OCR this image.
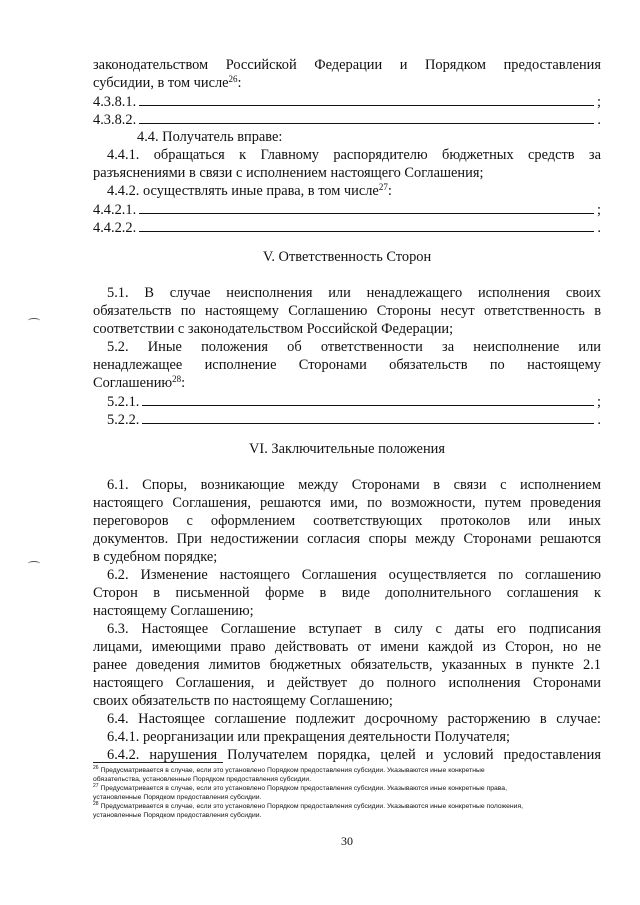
законодательством Российской Федерации и Порядком предоставления
субсидии, в том числе$^{26}$:
4.3.8.1.	;
4.3.8.2.	.
4.4. Получатель вправе:
4.4.1. обращаться к Главному распорядителю бюджетных средств за
разъяснениями в связи с исполнением настоящего Соглашения;
4.4.2. осуществлять иные права, в том числе$^{27}$:
4.4.2.1.	;
4.4.2.2.	.
V. Ответственность Сторон
5.1. В случае неисполнения или ненадлежащего исполнения своих
обязательств по настоящему Соглашению Стороны несут ответственность в
соответствии с законодательством Российской Федерации;
5.2. Иные положения об ответственности за неисполнение или
ненадлежащее исполнение Сторонами обязательств по настоящему
Соглашению$^{28}$:
5.2.1.	;
5.2.2.	.
VI. Заключительные положения
6.1. Споры, возникающие между Сторонами в связи с исполнением
настоящего Соглашения, решаются ими, по возможности, путем проведения
переговоров с оформлением соответствующих протоколов или иных
документов. При недостижении согласия споры между Сторонами решаются
в судебном порядке;
6.2. Изменение настоящего Соглашения осуществляется по соглашению
Сторон в письменной форме в виде дополнительного соглашения к
настоящему Соглашению;
6.3. Настоящее Соглашение вступает в силу с даты его подписания
лицами, имеющими право действовать от имени каждой из Сторон, но не
ранее доведения лимитов бюджетных обязательств, указанных в пункте 2.1
настоящего Соглашения, и действует до полного исполнения Сторонами
своих обязательств по настоящему Соглашению;
6.4. Настоящее соглашение подлежит досрочному расторжению в случае:
6.4.1. реорганизации или прекращения деятельности Получателя;
6.4.2. нарушения Получателем порядка, целей и условий предоставления
$^{26}$ Предусматривается в случае, если это установлено Порядком предоставления субсидии. Указываются иные конкретные
обязательства, установленные Порядком предоставления субсидии.
$^{27}$ Предусматривается в случае, если это установлено Порядком предоставления субсидии. Указываются иные конкретные права,
установленные Порядком предоставления субсидии.
$^{28}$ Предусматривается в случае, если это установлено Порядком предоставления субсидии. Указываются иные конкретные положения,
установленные Порядком предоставления субсидии.
30
